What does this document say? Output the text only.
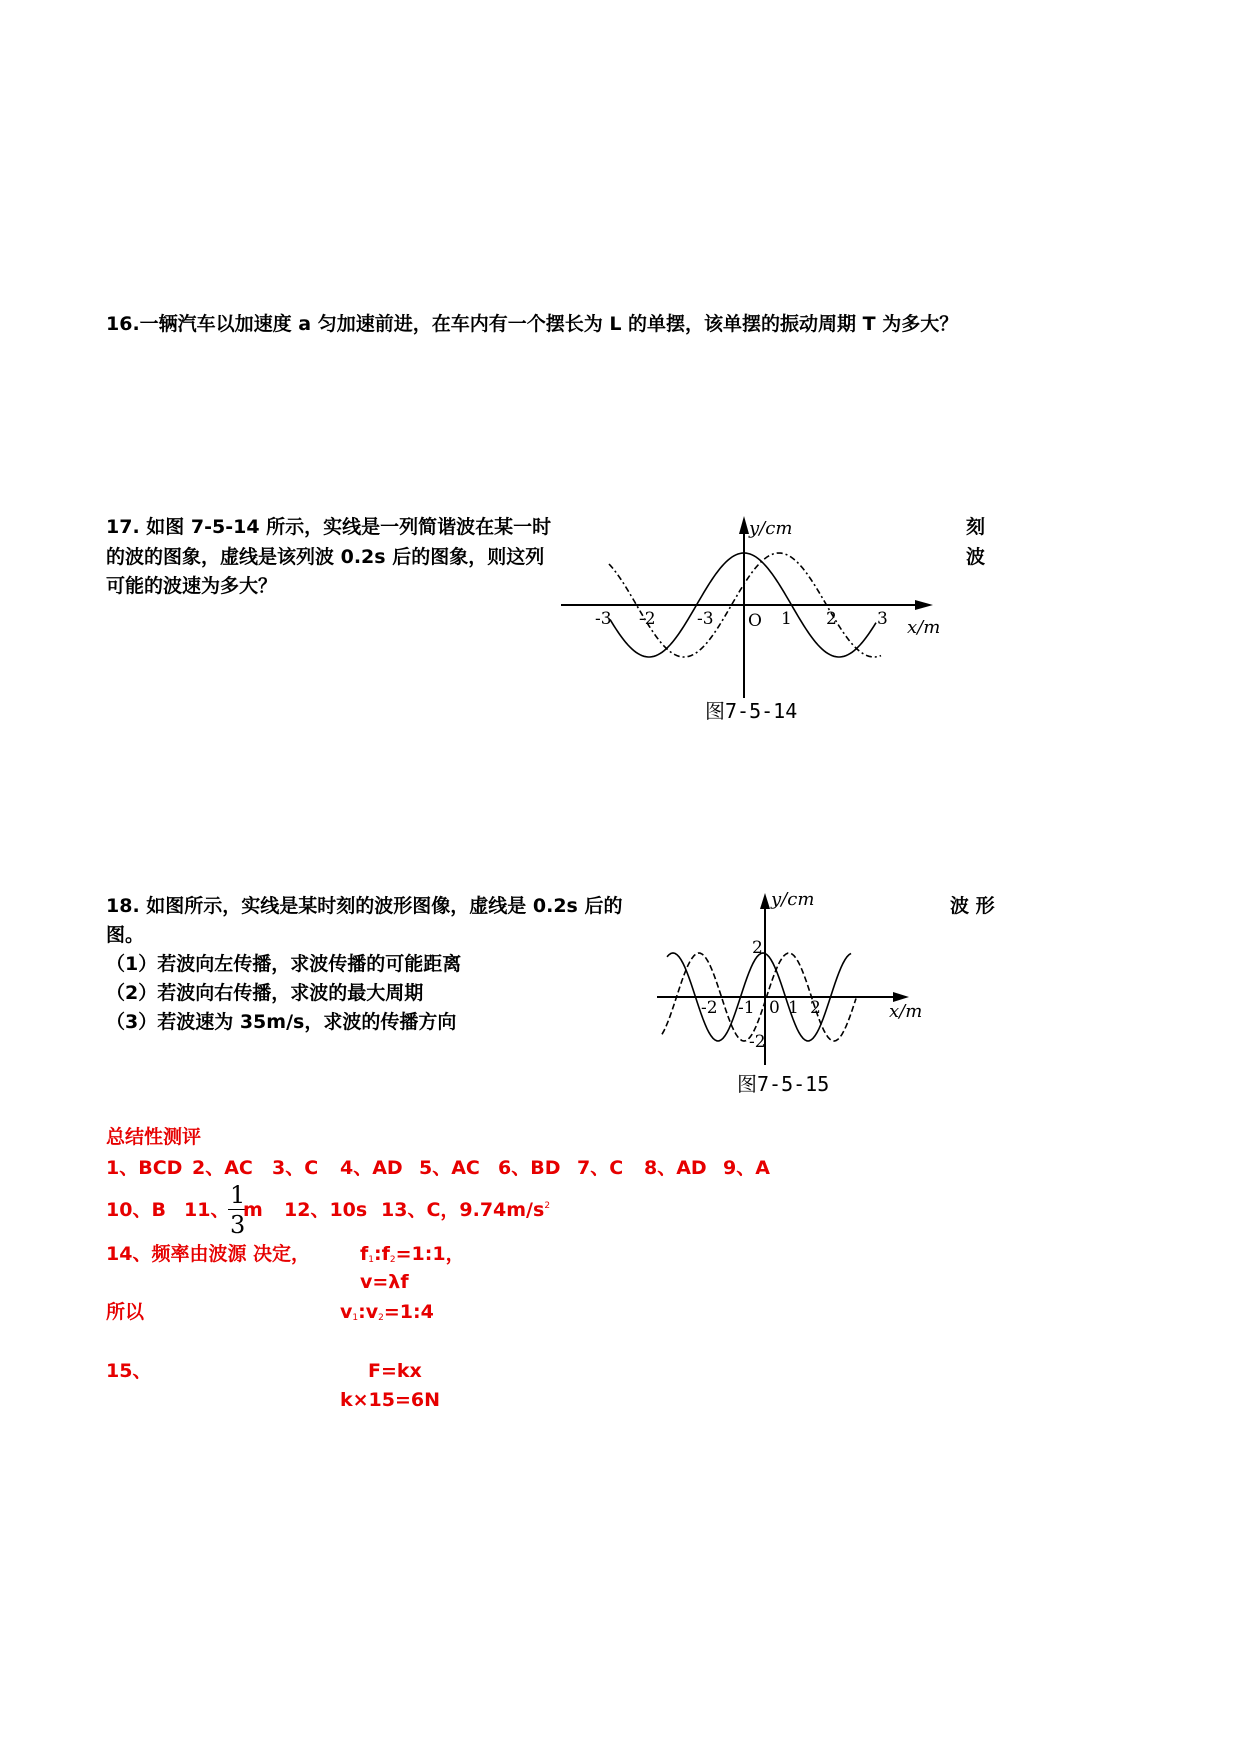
16.一辆汽车以加速度 a 匀加速前进，在车内有一个摆长为 L 的单摆，该单摆的振动周期 T 为多大？
17. 如图 7-5-14 所示，实线是一列简谐波在某一时	刻
的波的图象，虚线是该列波 0.2s 后的图象，则这列	波
可能的波速为多大？
y/cm
x/m
O
-3 -2 -3	1 2 3
图7-5-14
18. 如图所示，实线是某时刻的波形图像，虚线是 0.2s 后的	波 形
图。
（1）若波向左传播，求波传播的可能距离
（2）若波向右传播，求波的最大周期
（3）若波速为 35m/s，求波的传播方向
y/cm
x/m
2
-2
0
-2 -1 1 2
图7-5-15
总结性测评
1、BCD 2、AC 3、C 4、AD 5、AC 6、BD 7、C 8、AD 9、A
10、B 11、
$\frac{1}{3}$
m 12、10s 13、C，$9.74m/s^2$
14、频率由波源 决定，	$f_1:f_2=1:1$，
v=λf
所以	$v_1:v_2=1:4$
15、	F=kx
k×15=6N
